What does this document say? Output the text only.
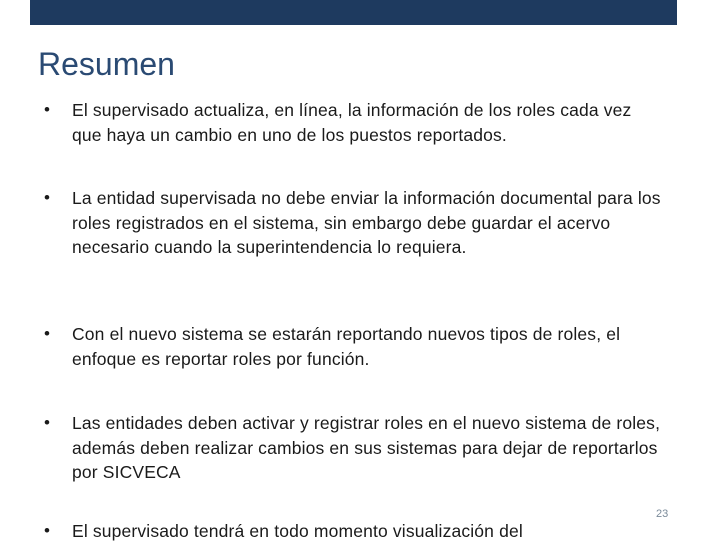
Resumen
•	El supervisado actualiza, en línea, la información de los roles cada vez que haya un cambio en uno de los puestos reportados.
•	La entidad supervisada no debe enviar la información documental para los roles registrados en el sistema, sin embargo debe guardar el acervo necesario cuando la superintendencia lo requiera.
•	Con el nuevo sistema se estarán reportando nuevos tipos de roles, el enfoque es reportar roles por función.
•	Las entidades deben activar y registrar roles en el nuevo sistema de roles, además deben realizar cambios en sus sistemas para dejar de reportarlos por SICVECA
•	El supervisado tendrá en todo momento visualización del
23
